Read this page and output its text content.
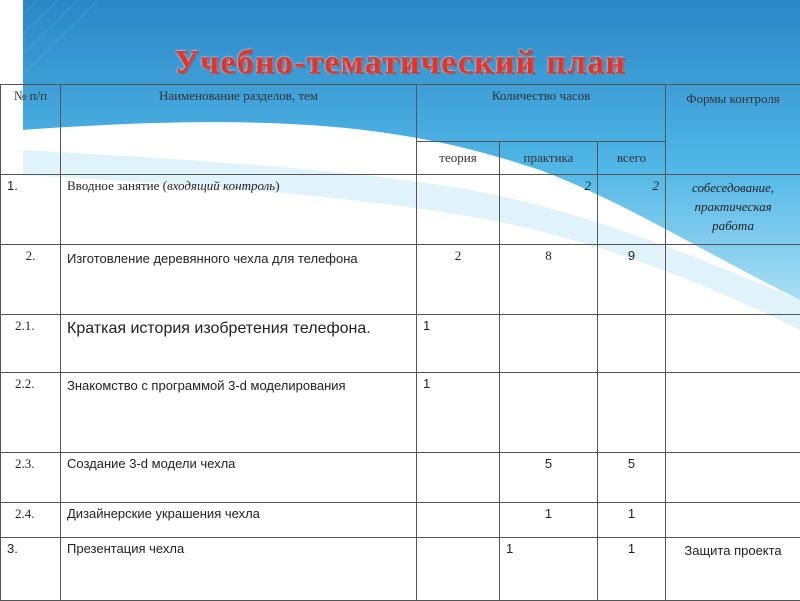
Учебно-тематический план
№ п/п	Наименование разделов, тем	Количество часов			Формы контроля
		теория	практика	всего	
1.	Вводное занятие (входящий контроль)		2	2	собеседование, практическая работа
2.	Изготовление деревянного чехла для телефона	2	8	9	
2.1.	Краткая история изобретения телефона.	1			
2.2.	Знакомство с программой 3-d моделирования	1			
2.3.	Создание 3-d модели чехла		5	5	
2.4.	Дизайнерские украшения чехла		1	1	
3.	Презентация чехла		1	1	Защита проекта
